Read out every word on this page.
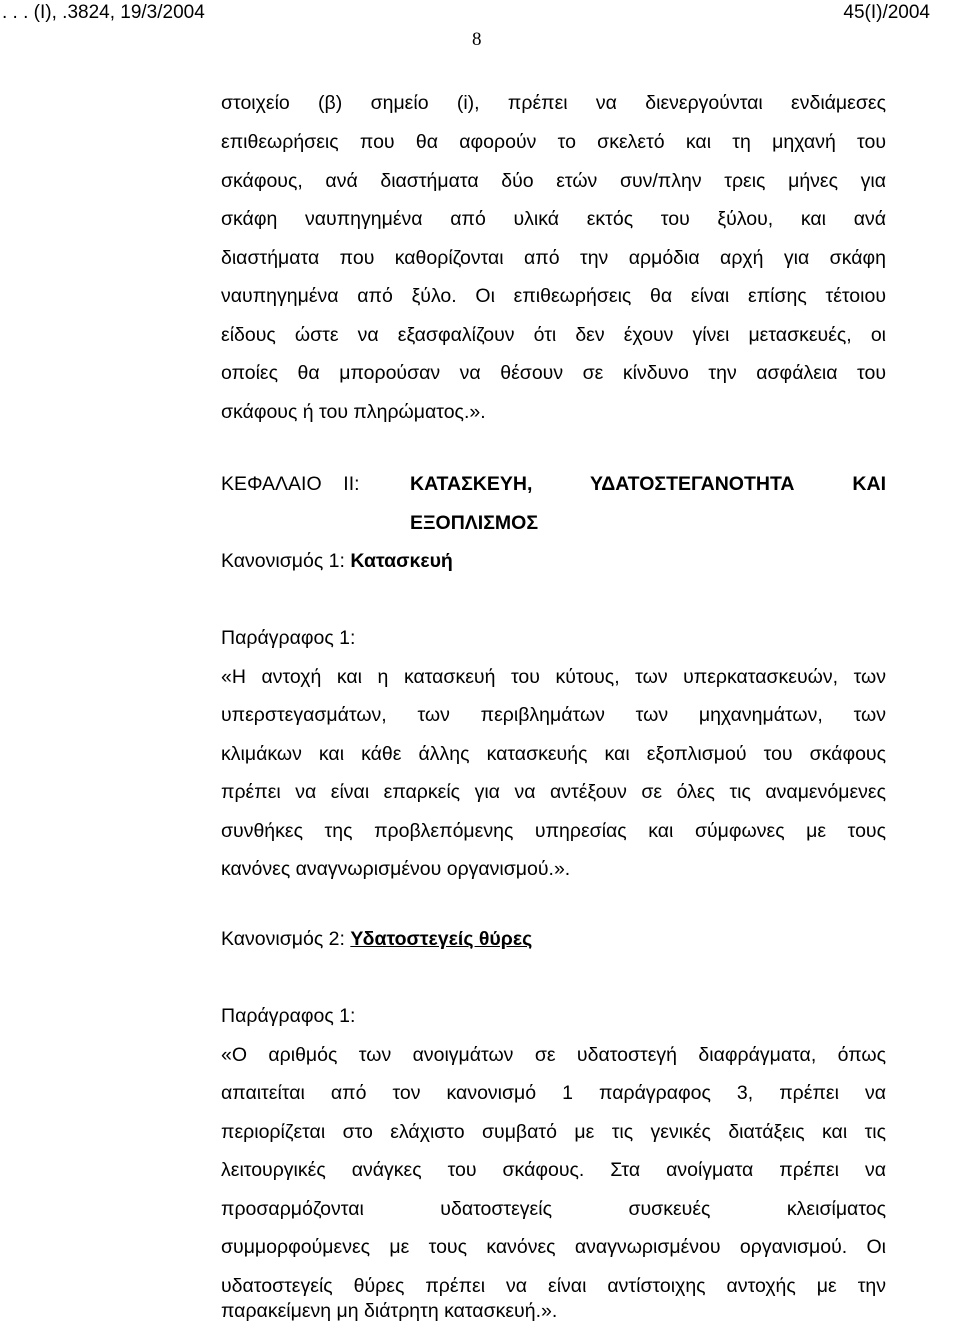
. . . (I), .3824, 19/3/2004	45(I)/2004
8
στοιχείο (β) σημείο (i), πρέπει να διενεργούνται ενδιάμεσες
επιθεωρήσεις που θα αφορούν το σκελετό και τη μηχανή του
σκάφους, ανά διαστήματα δύο ετών συν/πλην τρεις μήνες για
σκάφη ναυπηγημένα από υλικά εκτός του ξύλου, και ανά
διαστήματα που καθορίζονται από την αρμόδια αρχή για σκάφη
ναυπηγημένα από ξύλο. Οι επιθεωρήσεις θα είναι επίσης τέτοιου
είδους ώστε να εξασφαλίζουν ότι δεν έχουν γίνει μετασκευές, οι
οποίες θα μπορούσαν να θέσουν σε κίνδυνο την ασφάλεια του
σκάφους ή του πληρώματος.».
ΚΕΦΑΛΑΙΟ    II:	ΚΑΤΑΣΚΕΥΗ, ΥΔΑΤΟΣΤΕΓΑΝΟΤΗΤΑ ΚΑΙ
ΕΞΟΠΛΙΣΜΟΣ
Κανονισμός 1: Κατασκευή
Παράγραφος 1:
«Η αντοχή και η κατασκευή του κύτους, των υπερκατασκευών, των
υπερστεγασμάτων, των περιβλημάτων των μηχανημάτων, των
κλιμάκων και κάθε άλλης κατασκευής και εξοπλισμού του σκάφους
πρέπει να είναι επαρκείς για να αντέξουν σε όλες τις αναμενόμενες
συνθήκες της προβλεπόμενης υπηρεσίας και σύμφωνες με τους
κανόνες αναγνωρισμένου οργανισμού.».
Κανονισμός 2: Υδατοστεγείς θύρες
Παράγραφος 1:
«Ο αριθμός των ανοιγμάτων σε υδατοστεγή διαφράγματα, όπως
απαιτείται από τον κανονισμό 1 παράγραφος 3, πρέπει να
περιορίζεται στο ελάχιστο συμβατό με τις γενικές διατάξεις και τις
λειτουργικές ανάγκες του σκάφους. Στα ανοίγματα πρέπει να
προσαρμόζονται υδατοστεγείς συσκευές κλεισίματος
συμμορφούμενες με τους κανόνες αναγνωρισμένου οργανισμού. Οι
υδατοστεγείς θύρες πρέπει να είναι αντίστοιχης αντοχής με την
παρακείμενη μη διάτρητη κατασκευή.».
